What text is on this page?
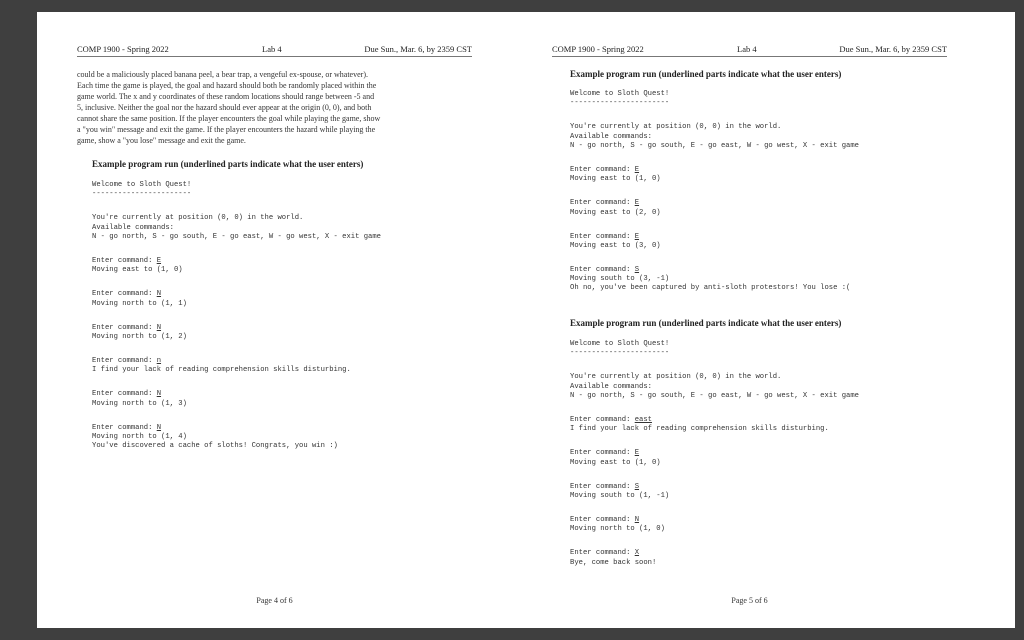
COMP 1900 - Spring 2022	Lab 4	Due Sun., Mar. 6, by 2359 CST

could be a maliciously placed banana peel, a bear trap, a vengeful ex-spouse, or whatever).

Each time the game is played, the goal and hazard should both be randomly placed within the

game world. The x and y coordinates of these random locations should range between -5 and

5, inclusive. Neither the goal nor the hazard should ever appear at the origin (0, 0), and both

cannot share the same position. If the player encounters the goal while playing the game, show

a "you win" message and exit the game. If the player encounters the hazard while playing the

game, show a "you lose" message and exit the game.

Example program run (underlined parts indicate what the user enters)
Welcome to Sloth Quest!
-----------------------
You're currently at position (0, 0) in the world.
Available commands:
N - go north, S - go south, E - go east, W - go west, X - exit game
Enter command: E
Moving east to (1, 0)
Enter command: N
Moving north to (1, 1)
Enter command: N
Moving north to (1, 2)
Enter command: n
I find your lack of reading comprehension skills disturbing.
Enter command: N
Moving north to (1, 3)
Enter command: N
Moving north to (1, 4)
You've discovered a cache of sloths! Congrats, you win :)
Page 4 of 6
COMP 1900 - Spring 2022	Lab 4	Due Sun., Mar. 6, by 2359 CST
Example program run (underlined parts indicate what the user enters)
Welcome to Sloth Quest!
-----------------------
You're currently at position (0, 0) in the world.
Available commands:
N - go north, S - go south, E - go east, W - go west, X - exit game
Enter command: E
Moving east to (1, 0)
Enter command: E
Moving east to (2, 0)
Enter command: E
Moving east to (3, 0)
Enter command: S
Moving south to (3, -1)
Oh no, you've been captured by anti-sloth protestors! You lose :(
Example program run (underlined parts indicate what the user enters)
Welcome to Sloth Quest!
-----------------------
You're currently at position (0, 0) in the world.
Available commands:
N - go north, S - go south, E - go east, W - go west, X - exit game
Enter command: east
I find your lack of reading comprehension skills disturbing.
Enter command: E
Moving east to (1, 0)
Enter command: S
Moving south to (1, -1)
Enter command: N
Moving north to (1, 0)
Enter command: X
Bye, come back soon!
Page 5 of 6
